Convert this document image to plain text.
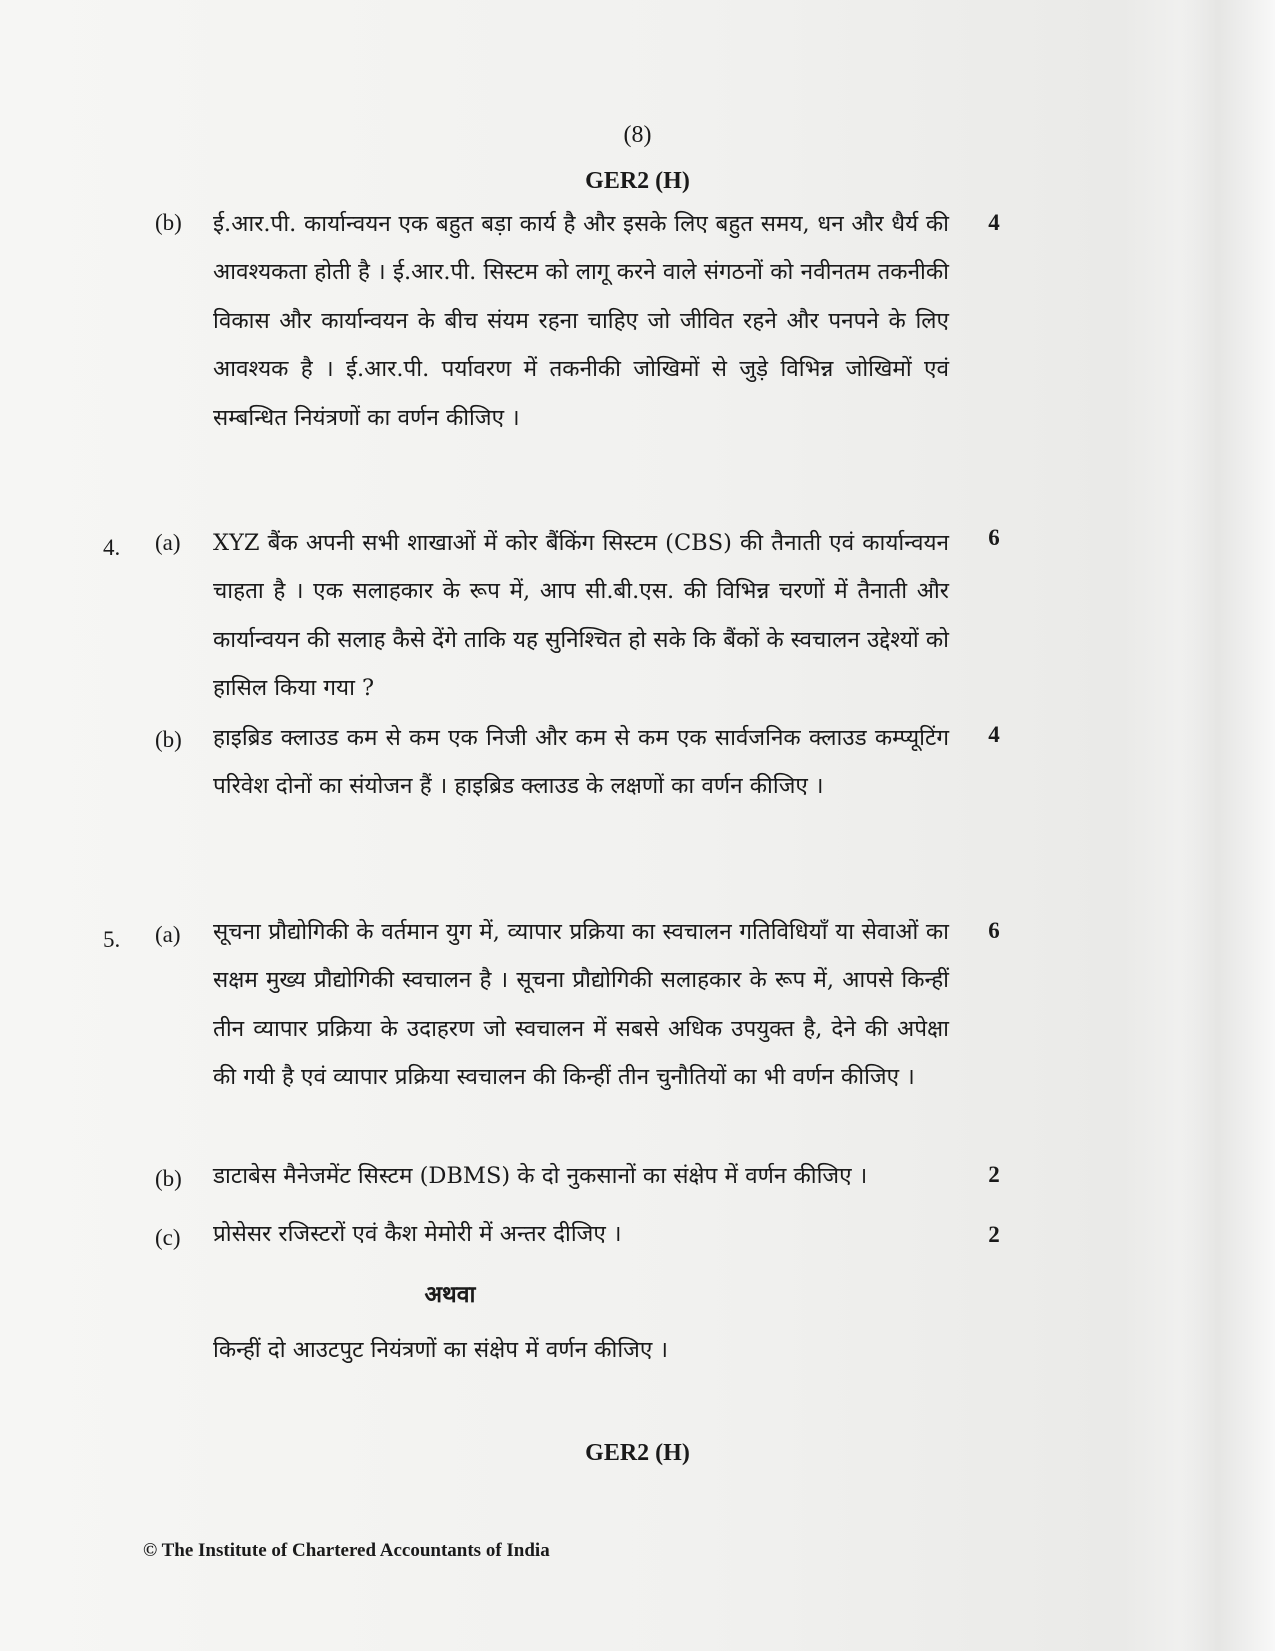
(8)
GER2 (H)
(b)	ई.आर.पी. कार्यान्वयन एक बहुत बड़ा कार्य है और इसके लिए बहुत समय, धन और धैर्य की आवश्यकता होती है । ई.आर.पी. सिस्टम को लागू करने वाले संगठनों को नवीनतम तकनीकी विकास और कार्यान्वयन के बीच संयम रहना चाहिए जो जीवित रहने और पनपने के लिए आवश्यक है । ई.आर.पी. पर्यावरण में तकनीकी जोखिमों से जुड़े विभिन्न जोखिमों एवं सम्बन्धित नियंत्रणों का वर्णन कीजिए ।
4
4.	(a)	XYZ बैंक अपनी सभी शाखाओं में कोर बैंकिंग सिस्टम (CBS) की तैनाती एवं कार्यान्वयन चाहता है । एक सलाहकार के रूप में, आप सी.बी.एस. की विभिन्न चरणों में तैनाती और कार्यान्वयन की सलाह कैसे देंगे ताकि यह सुनिश्चित हो सके कि बैंकों के स्वचालन उद्देश्यों को हासिल किया गया ?
6
(b)	हाइब्रिड क्लाउड कम से कम एक निजी और कम से कम एक सार्वजनिक क्लाउड कम्प्यूटिंग परिवेश दोनों का संयोजन हैं । हाइब्रिड क्लाउड के लक्षणों का वर्णन कीजिए ।
4
5.	(a)	सूचना प्रौद्योगिकी के वर्तमान युग में, व्यापार प्रक्रिया का स्वचालन गतिविधियाँ या सेवाओं का सक्षम मुख्य प्रौद्योगिकी स्वचालन है । सूचना प्रौद्योगिकी सलाहकार के रूप में, आपसे किन्हीं तीन व्यापार प्रक्रिया के उदाहरण जो स्वचालन में सबसे अधिक उपयुक्त है, देने की अपेक्षा की गयी है एवं व्यापार प्रक्रिया स्वचालन की किन्हीं तीन चुनौतियों का भी वर्णन कीजिए ।
6
(b)	डाटाबेस मैनेजमेंट सिस्टम (DBMS) के दो नुकसानों का संक्षेप में वर्णन कीजिए ।	2
(c)	प्रोसेसर रजिस्टरों एवं कैश मेमोरी में अन्तर दीजिए ।	2
अथवा
किन्हीं दो आउटपुट नियंत्रणों का संक्षेप में वर्णन कीजिए ।
GER2 (H)
© The Institute of Chartered Accountants of India
